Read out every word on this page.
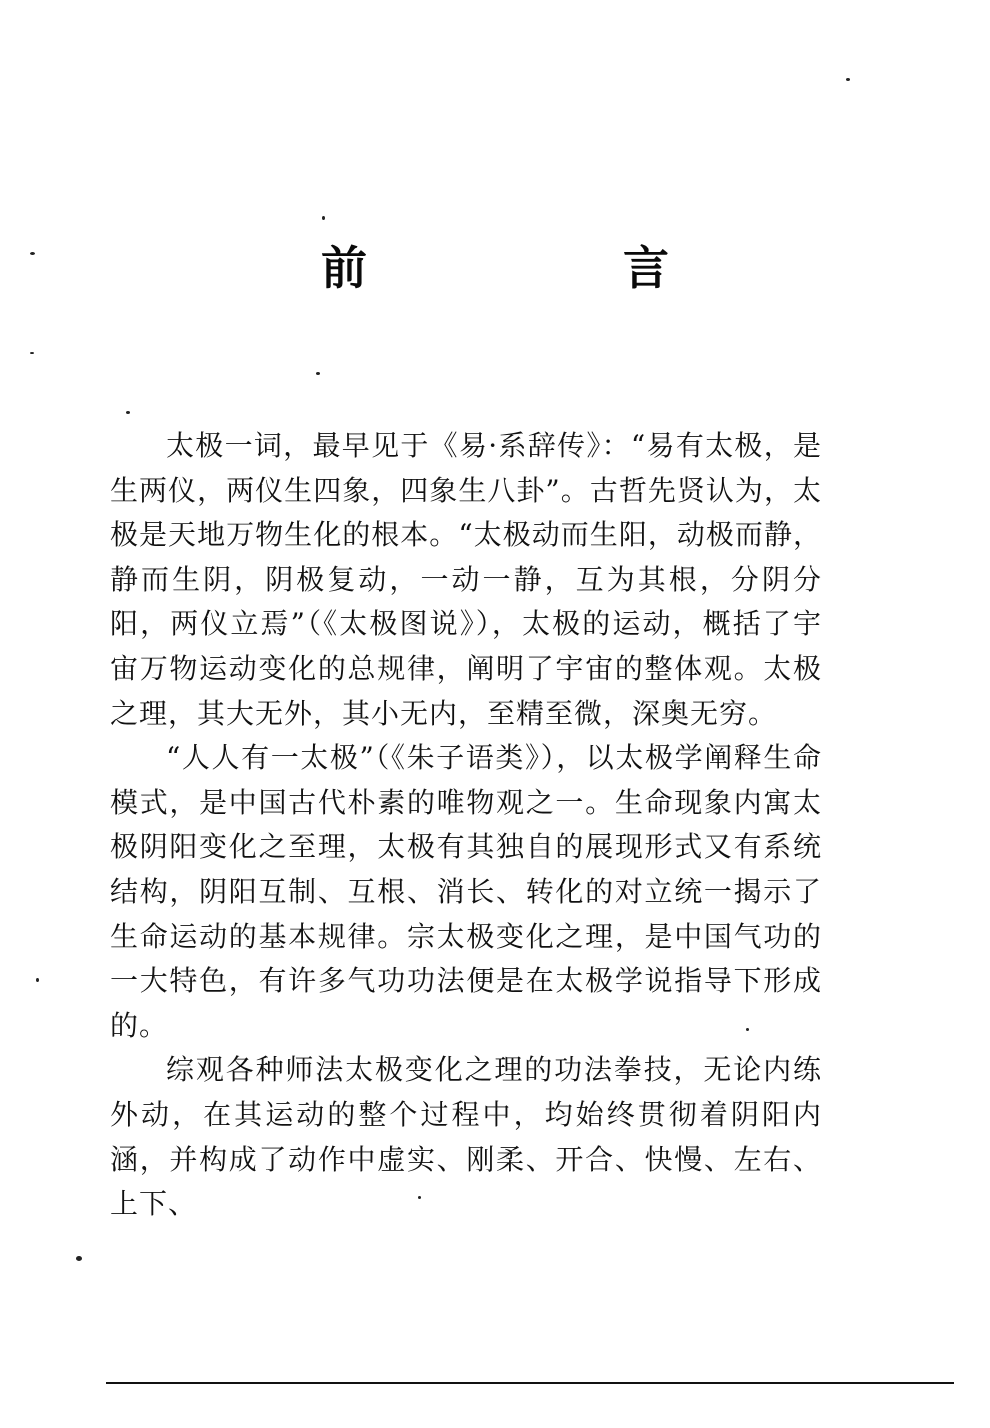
前 言

太极一词，最早见于《易·系辞传》：“易有太极，是生两仪，两仪生四象，四象生八卦”。古哲先贤认为，太极是天地万物生化的根本。“太极动而生阳，动极而静，静而生阴，阴极复动，一动一静，互为其根，分阴分阳，两仪立焉”（《太极图说》），太极的运动，概括了宇宙万物运动变化的总规律，阐明了宇宙的整体观。太极之理，其大无外，其小无内，至精至微，深奥无穷。

“人人有一太极”（《朱子语类》），以太极学阐释生命模式，是中国古代朴素的唯物观之一。生命现象内寓太极阴阳变化之至理，太极有其独自的展现形式又有系统结构，阴阳互制、互根、消长、转化的对立统一揭示了生命运动的基本规律。宗太极变化之理，是中国气功的一大特色，有许多气功功法便是在太极学说指导下形成的。

综观各种师法太极变化之理的功法拳技，无论内练外动，在其运动的整个过程中，均始终贯彻着阴阳内涵，并构成了动作中虚实、刚柔、开合、快慢、左右、上下、
